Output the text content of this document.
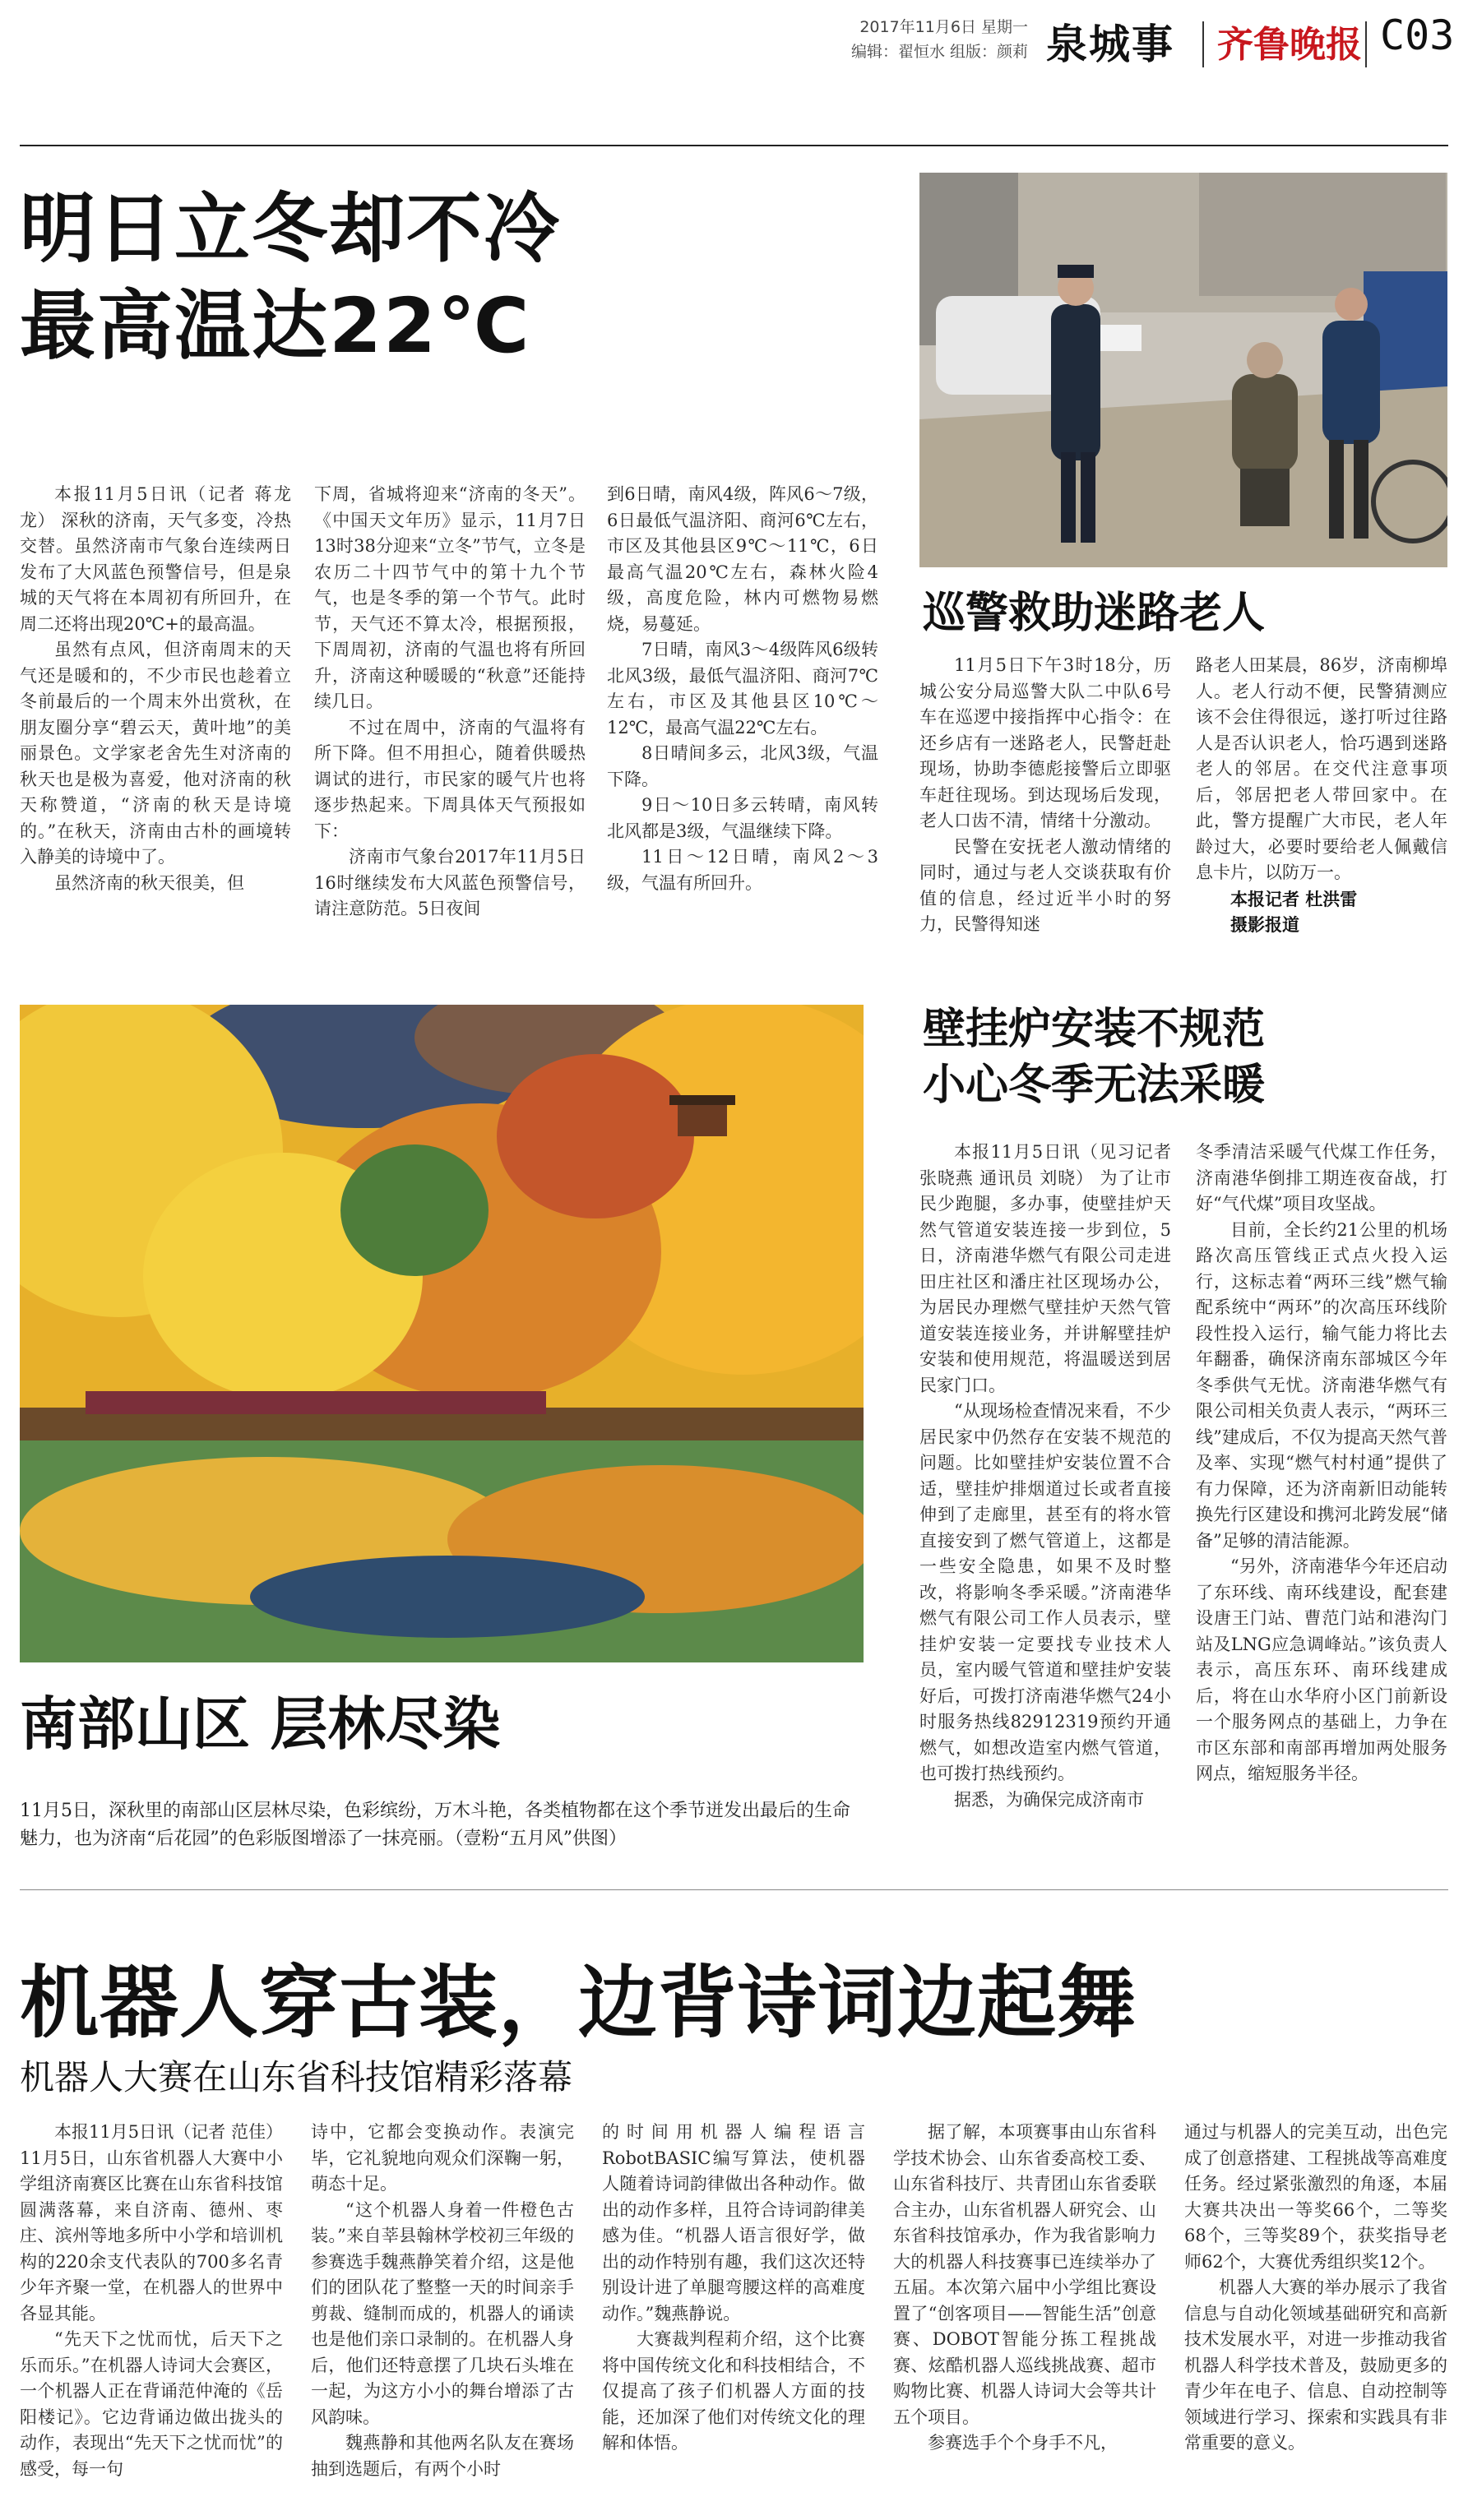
2017年11月6日 星期一
编辑：翟恒水 组版：颜莉 泉城事 齐鲁晚报 C03
明日立冬却不冷
最高温达22℃

本报11月5日讯（记者 蒋龙龙） 深秋的济南，天气多变，冷热交替。虽然济南市气象台连续两日发布了大风蓝色预警信号，但是泉城的天气将在本周初有所回升，在周二还将出现20℃+的最高温。

虽然有点风，但济南周末的天气还是暖和的，不少市民也趁着立冬前最后的一个周末外出赏秋，在朋友圈分享“碧云天，黄叶地”的美丽景色。文学家老舍先生对济南的秋天也是极为喜爱，他对济南的秋天称赞道，“济南的秋天是诗境的。”在秋天，济南由古朴的画境转入静美的诗境中了。

虽然济南的秋天很美，但

下周，省城将迎来“济南的冬天”。《中国天文年历》显示，11月7日13时38分迎来“立冬”节气，立冬是农历二十四节气中的第十九个节气，也是冬季的第一个节气。此时节，天气还不算太冷，根据预报，下周周初，济南的气温也将有所回升，济南这种暖暖的“秋意”还能持续几日。

不过在周中，济南的气温将有所下降。但不用担心，随着供暖热调试的进行，市民家的暖气片也将逐步热起来。下周具体天气预报如下：

济南市气象台2017年11月5日16时继续发布大风蓝色预警信号，请注意防范。5日夜间

到6日晴，南风4级，阵风6～7级，6日最低气温济阳、商河6℃左右，市区及其他县区9℃～11℃，6日最高气温20℃左右，森林火险4级，高度危险，林内可燃物易燃烧，易蔓延。

7日晴，南风3～4级阵风6级转北风3级，最低气温济阳、商河7℃左右，市区及其他县区10℃～12℃，最高气温22℃左右。

8日晴间多云，北风3级，气温下降。

9日～10日多云转晴，南风转北风都是3级，气温继续下降。

11日～12日晴，南风2～3级，气温有所回升。

巡警救助迷路老人

11月5日下午3时18分，历城公安分局巡警大队二中队6号车在巡逻中接指挥中心指令：在还乡店有一迷路老人，民警赶赴现场，协助李德彪接警后立即驱车赶往现场。到达现场后发现，老人口齿不清，情绪十分激动。

民警在安抚老人激动情绪的同时，通过与老人交谈获取有价值的信息，经过近半小时的努力，民警得知迷

路老人田某晨，86岁，济南柳埠人。老人行动不便，民警猜测应该不会住得很远，遂打听过往路人是否认识老人，恰巧遇到迷路老人的邻居。在交代注意事项后，邻居把老人带回家中。在此，警方提醒广大市民，老人年龄过大，必要时要给老人佩戴信息卡片，以防万一。

本报记者 杜洪雷

摄影报道

南部山区 层林尽染
11月5日，深秋里的南部山区层林尽染，色彩缤纷，万木斗艳，各类植物都在这个季节迸发出最后的生命魅力，也为济南“后花园”的色彩版图增添了一抹亮丽。（壹粉“五月风”供图）
壁挂炉安装不规范
小心冬季无法采暖

本报11月5日讯（见习记者 张晓燕 通讯员 刘晓） 为了让市民少跑腿，多办事，使壁挂炉天然气管道安装连接一步到位，5日，济南港华燃气有限公司走进田庄社区和潘庄社区现场办公，为居民办理燃气壁挂炉天然气管道安装连接业务，并讲解壁挂炉安装和使用规范，将温暖送到居民家门口。

“从现场检查情况来看，不少居民家中仍然存在安装不规范的问题。比如壁挂炉安装位置不合适，壁挂炉排烟道过长或者直接伸到了走廊里，甚至有的将水管直接安到了燃气管道上，这都是一些安全隐患，如果不及时整改，将影响冬季采暖。”济南港华燃气有限公司工作人员表示，壁挂炉安装一定要找专业技术人员，室内暖气管道和壁挂炉安装好后，可拨打济南港华燃气24小时服务热线82912319预约开通燃气，如想改造室内燃气管道，也可拨打热线预约。

据悉，为确保完成济南市

冬季清洁采暖气代煤工作任务，济南港华倒排工期连夜奋战，打好“气代煤”项目攻坚战。

目前，全长约21公里的机场路次高压管线正式点火投入运行，这标志着“两环三线”燃气输配系统中“两环”的次高压环线阶段性投入运行，输气能力将比去年翻番，确保济南东部城区今年冬季供气无忧。济南港华燃气有限公司相关负责人表示，“两环三线”建成后，不仅为提高天然气普及率、实现“燃气村村通”提供了有力保障，还为济南新旧动能转换先行区建设和携河北跨发展“储备”足够的清洁能源。

“另外，济南港华今年还启动了东环线、南环线建设，配套建设唐王门站、曹范门站和港沟门站及LNG应急调峰站。”该负责人表示，高压东环、南环线建成后，将在山水华府小区门前新设一个服务网点的基础上，力争在市区东部和南部再增加两处服务网点，缩短服务半径。

机器人穿古装，边背诗词边起舞
机器人大赛在山东省科技馆精彩落幕

本报11月5日讯（记者 范佳） 11月5日，山东省机器人大赛中小学组济南赛区比赛在山东省科技馆圆满落幕，来自济南、德州、枣庄、滨州等地多所中小学和培训机构的220余支代表队的700多名青少年齐聚一堂，在机器人的世界中各显其能。

“先天下之忧而忧，后天下之乐而乐。”在机器人诗词大会赛区，一个机器人正在背诵范仲淹的《岳阳楼记》。它边背诵边做出拢头的动作，表现出“先天下之忧而忧”的感受，每一句

诗中，它都会变换动作。表演完毕，它礼貌地向观众们深鞠一躬，萌态十足。

“这个机器人身着一件橙色古装。”来自莘县翰林学校初三年级的参赛选手魏燕静笑着介绍，这是他们的团队花了整整一天的时间亲手剪裁、缝制而成的，机器人的诵读也是他们亲口录制的。在机器人身后，他们还特意摆了几块石头堆在一起，为这方小小的舞台增添了古风韵味。

魏燕静和其他两名队友在赛场抽到选题后，有两个小时

的时间用机器人编程语言RobotBASIC编写算法，使机器人随着诗词韵律做出各种动作。做出的动作多样，且符合诗词韵律美感为佳。“机器人语言很好学，做出的动作特别有趣，我们这次还特别设计进了单腿弯腰这样的高难度动作。”魏燕静说。

大赛裁判程莉介绍，这个比赛将中国传统文化和科技相结合，不仅提高了孩子们机器人方面的技能，还加深了他们对传统文化的理解和体悟。

据了解，本项赛事由山东省科学技术协会、山东省委高校工委、山东省科技厅、共青团山东省委联合主办，山东省机器人研究会、山东省科技馆承办，作为我省影响力大的机器人科技赛事已连续举办了五届。本次第六届中小学组比赛设置了“创客项目——智能生活”创意赛、DOBOT智能分拣工程挑战赛、炫酷机器人巡线挑战赛、超市购物比赛、机器人诗词大会等共计五个项目。

参赛选手个个身手不凡，

通过与机器人的完美互动，出色完成了创意搭建、工程挑战等高难度任务。经过紧张激烈的角逐，本届大赛共决出一等奖66个，二等奖68个，三等奖89个，获奖指导老师62个，大赛优秀组织奖12个。

机器人大赛的举办展示了我省信息与自动化领域基础研究和高新技术发展水平，对进一步推动我省机器人科学技术普及，鼓励更多的青少年在电子、信息、自动控制等领域进行学习、探索和实践具有非常重要的意义。
